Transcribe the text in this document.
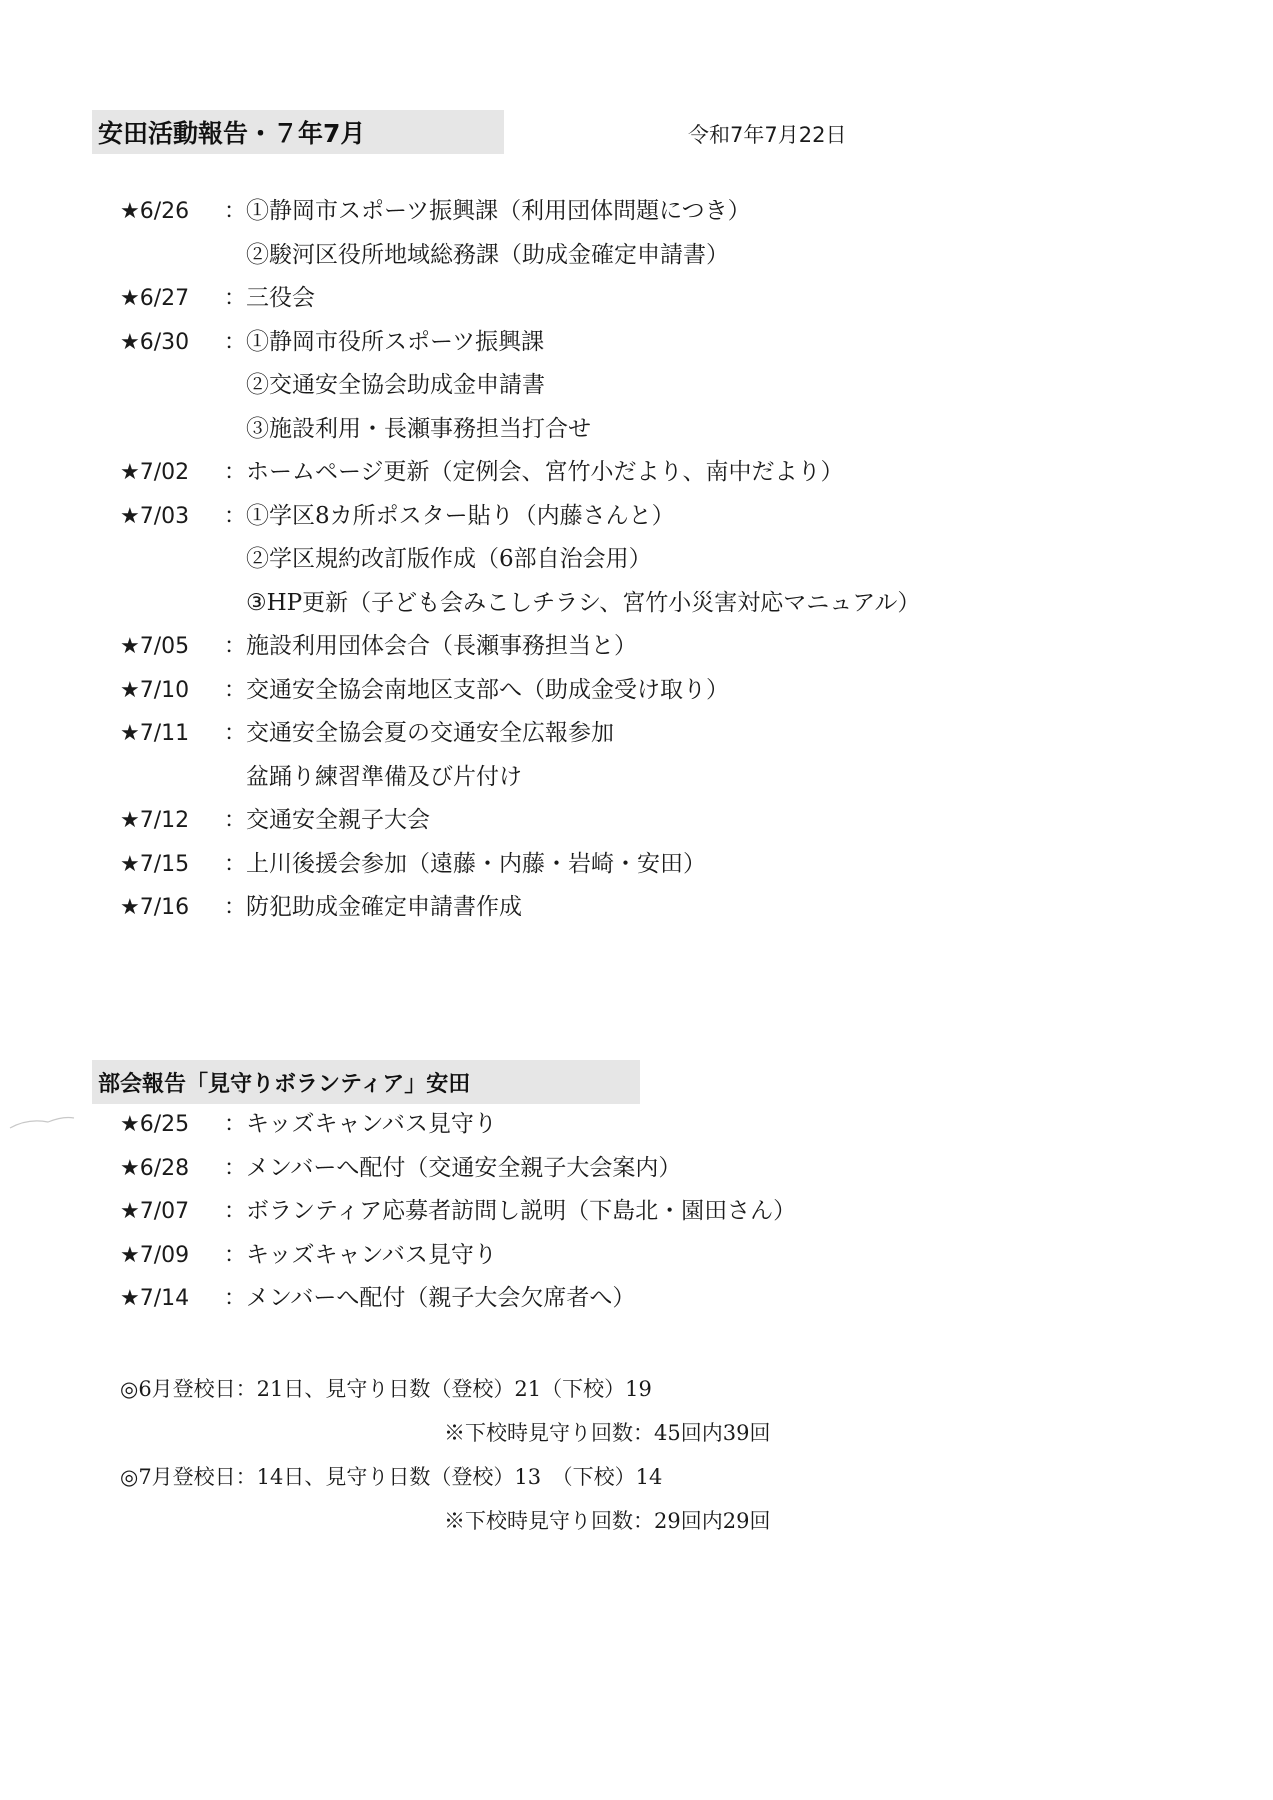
安田活動報告・７年7月	令和7年7月22日
★6/26	： ①静岡市スポーツ振興課（利用団体問題につき）
②駿河区役所地域総務課（助成金確定申請書）
★6/27	： 三役会
★6/30	： ①静岡市役所スポーツ振興課
②交通安全協会助成金申請書
③施設利用・長瀬事務担当打合せ
★7/02	： ホームページ更新（定例会、宮竹小だより、南中だより）
★7/03	： ①学区8カ所ポスター貼り（内藤さんと）
②学区規約改訂版作成（6部自治会用）
③HP更新（子ども会みこしチラシ、宮竹小災害対応マニュアル）
★7/05	： 施設利用団体会合（長瀬事務担当と）
★7/10	： 交通安全協会南地区支部へ（助成金受け取り）
★7/11	： 交通安全協会夏の交通安全広報参加
盆踊り練習準備及び片付け
★7/12	： 交通安全親子大会
★7/15	： 上川後援会参加（遠藤・内藤・岩崎・安田）
★7/16	： 防犯助成金確定申請書作成
部会報告「見守りボランティア」安田
★6/25	： キッズキャンバス見守り
★6/28	： メンバーへ配付（交通安全親子大会案内）
★7/07	： ボランティア応募者訪問し説明（下島北・園田さん）
★7/09	： キッズキャンバス見守り
★7/14	： メンバーへ配付（親子大会欠席者へ）
◎6月登校日：21日、見守り日数（登校）21（下校）19
※下校時見守り回数：45回内39回
◎7月登校日：14日、見守り日数（登校）13　（下校）14
※下校時見守り回数：29回内29回
